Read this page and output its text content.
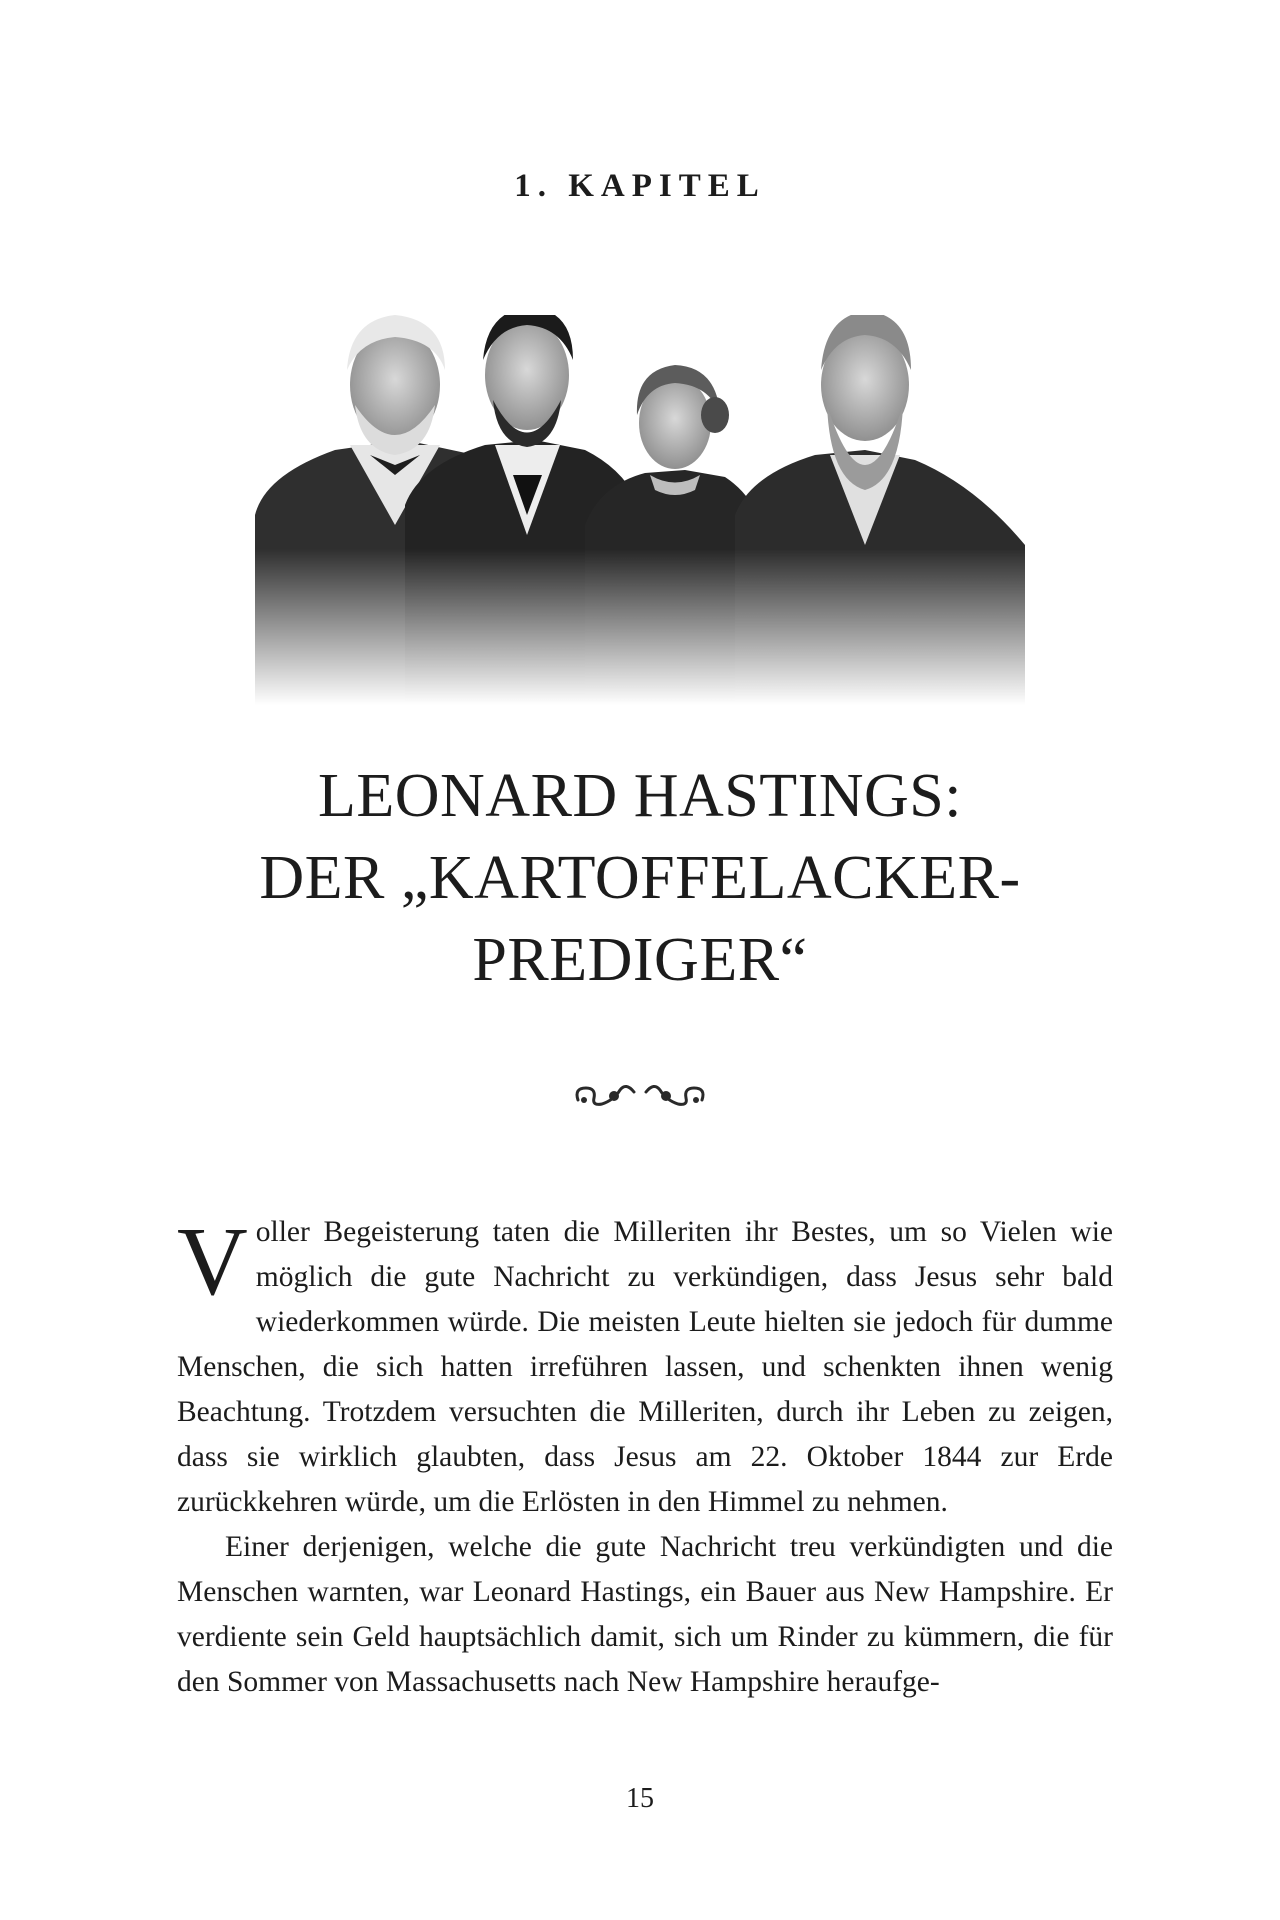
1. KAPITEL
LEONARD HASTINGS:
DER „KARTOFFELACKER-
PREDIGER“

Voller Begeisterung taten die Milleriten ihr Bestes, um so Vielen wie möglich die gute Nachricht zu verkündigen, dass Jesus sehr bald wiederkommen würde. Die meisten Leute hielten sie jedoch für dumme Menschen, die sich hatten irreführen lassen, und schenkten ihnen wenig Beachtung. Trotzdem versuchten die Milleriten, durch ihr Leben zu zeigen, dass sie wirklich glaubten, dass Jesus am 22. Oktober 1844 zur Erde zurückkehren würde, um die Erlösten in den Himmel zu nehmen.

Einer derjenigen, welche die gute Nachricht treu verkündigten und die Menschen warnten, war Leonard Hastings, ein Bauer aus New Hampshire. Er verdiente sein Geld hauptsächlich damit, sich um Rinder zu kümmern, die für den Sommer von Massachusetts nach New Hampshire heraufge-

15
